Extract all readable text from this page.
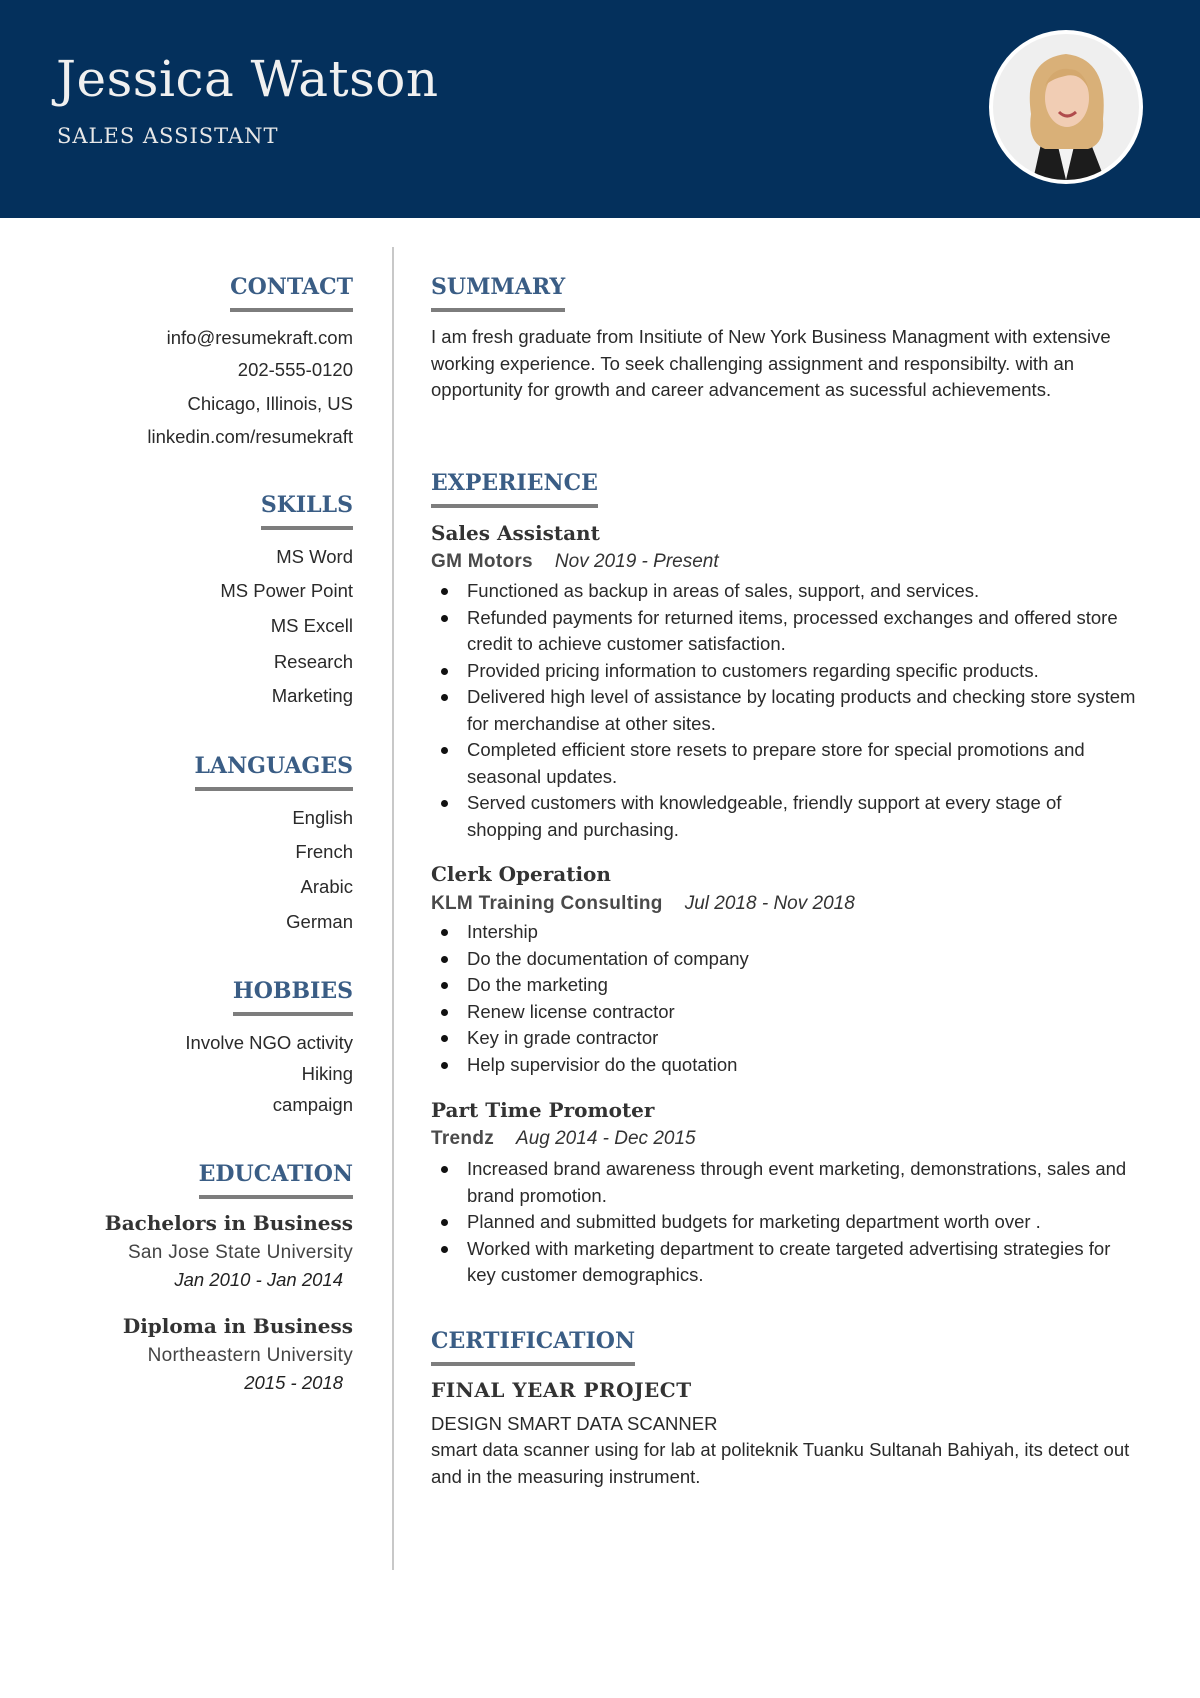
Jessica Watson
SALES ASSISTANT
CONTACT
info@resumekraft.com
202-555-0120
Chicago, Illinois, US
linkedin.com/resumekraft
SKILLS
MS Word
MS Power Point
MS Excell
Research
Marketing
LANGUAGES
English
French
Arabic
German
HOBBIES
Involve NGO activity
Hiking
campaign
EDUCATION
Bachelors in Business
San Jose State University
Jan 2010 - Jan 2014
Diploma in Business
Northeastern University
2015 - 2018
SUMMARY
I am fresh graduate from Insitiute of New York Business Managment with extensive working experience. To seek challenging assignment and responsibilty. with an opportunity for growth and career advancement as sucessful achievements.
EXPERIENCE
Sales Assistant
GM Motors Nov 2019 - Present
Functioned as backup in areas of sales, support, and services.
Refunded payments for returned items, processed exchanges and offered store credit to achieve customer satisfaction.
Provided pricing information to customers regarding specific products.
Delivered high level of assistance by locating products and checking store system for merchandise at other sites.
Completed efficient store resets to prepare store for special promotions and seasonal updates.
Served customers with knowledgeable, friendly support at every stage of shopping and purchasing.
Clerk Operation
KLM Training Consulting Jul 2018 - Nov 2018
Intership
Do the documentation of company
Do the marketing
Renew license contractor
Key in grade contractor
Help supervisior do the quotation
Part Time Promoter
Trendz Aug 2014 - Dec 2015
Increased brand awareness through event marketing, demonstrations, sales and brand promotion.
Planned and submitted budgets for marketing department worth over .
Worked with marketing department to create targeted advertising strategies for key customer demographics.
CERTIFICATION
FINAL YEAR PROJECT
DESIGN SMART DATA SCANNER
smart data scanner using for lab at politeknik Tuanku Sultanah Bahiyah, its detect out and in the measuring instrument.
